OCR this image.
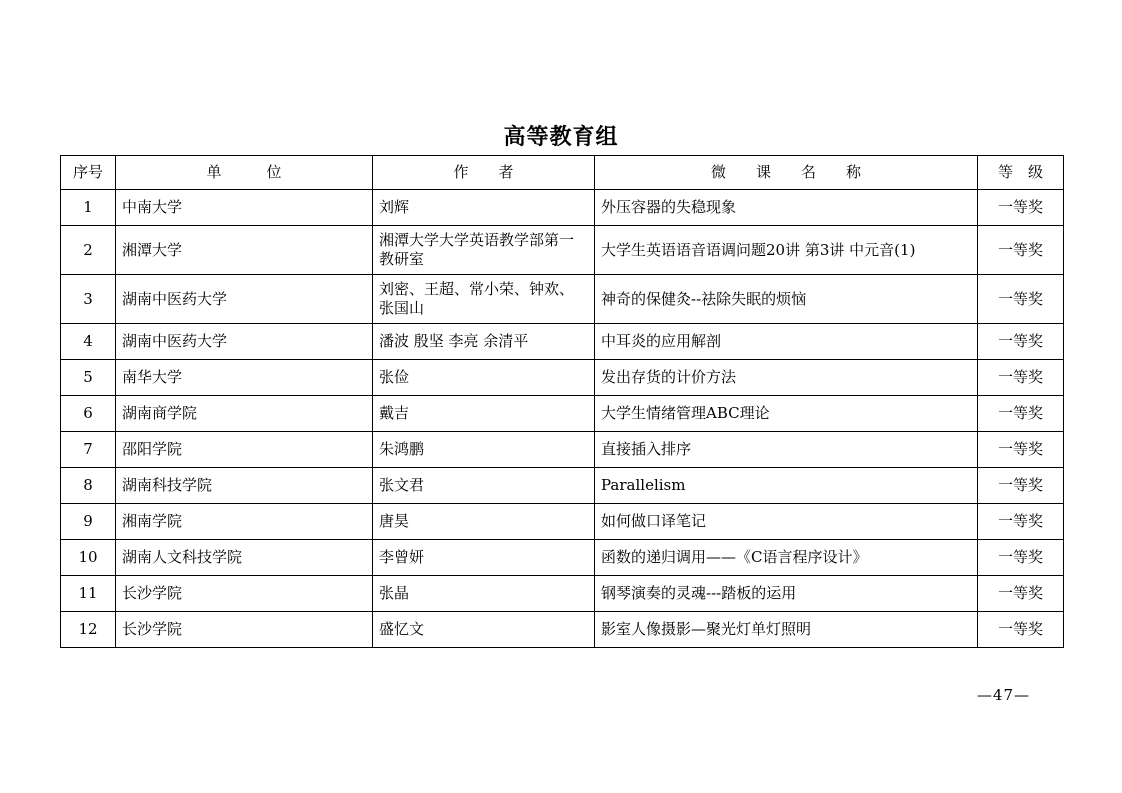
高等教育组
序号	单　　　位	作　　者	微　　课　　名　　称	等　级
1	中南大学	刘辉	外压容器的失稳现象	一等奖
2	湘潭大学	湘潭大学大学英语教学部第一教研室	大学生英语语音语调问题20讲 第3讲 中元音(1)	一等奖
3	湖南中医药大学	刘密、王超、常小荣、钟欢、张国山	神奇的保健灸--祛除失眠的烦恼	一等奖
4	湖南中医药大学	潘波 殷坚 李亮 余清平	中耳炎的应用解剖	一等奖
5	南华大学	张俭	发出存货的计价方法	一等奖
6	湖南商学院	戴吉	大学生情绪管理ABC理论	一等奖
7	邵阳学院	朱鸿鹏	直接插入排序	一等奖
8	湖南科技学院	张文君	Parallelism	一等奖
9	湘南学院	唐昊	如何做口译笔记	一等奖
10	湖南人文科技学院	李曾妍	函数的递归调用——《C语言程序设计》	一等奖
11	长沙学院	张晶	钢琴演奏的灵魂---踏板的运用	一等奖
12	长沙学院	盛忆文	影室人像摄影—聚光灯单灯照明	一等奖
—47—
